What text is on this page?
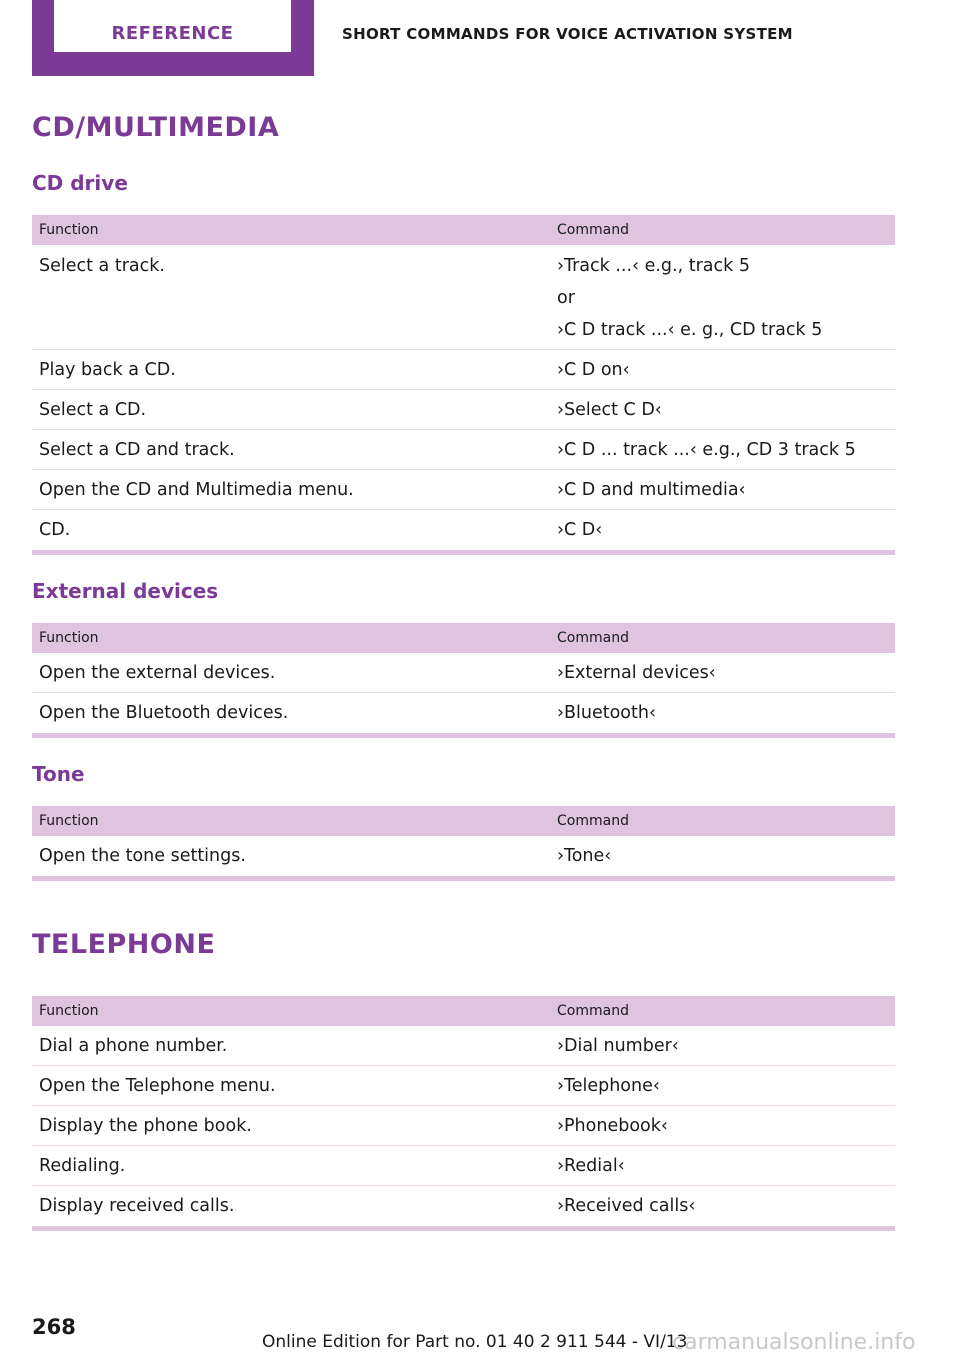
REFERENCE	SHORT COMMANDS FOR VOICE ACTIVATION SYSTEM
CD/MULTIMEDIA
CD drive
Function	Command
Select a track.	›Track ...‹ e.g., track 5
or
›C D track ...‹ e. g., CD track 5
Play back a CD.	›C D on‹
Select a CD.	›Select C D‹
Select a CD and track.	›C D ... track ...‹ e.g., CD 3 track 5
Open the CD and Multimedia menu.	›C D and multimedia‹
CD.	›C D‹
External devices
Function	Command
Open the external devices.	›External devices‹
Open the Bluetooth devices.	›Bluetooth‹
Tone
Function	Command
Open the tone settings.	›Tone‹
TELEPHONE
Function	Command
Dial a phone number.	›Dial number‹
Open the Telephone menu.	›Telephone‹
Display the phone book.	›Phonebook‹
Redialing.	›Redial‹
Display received calls.	›Received calls‹
268
Online Edition for Part no. 01 40 2 911 544 - VI/13
carmanualsonline.info
